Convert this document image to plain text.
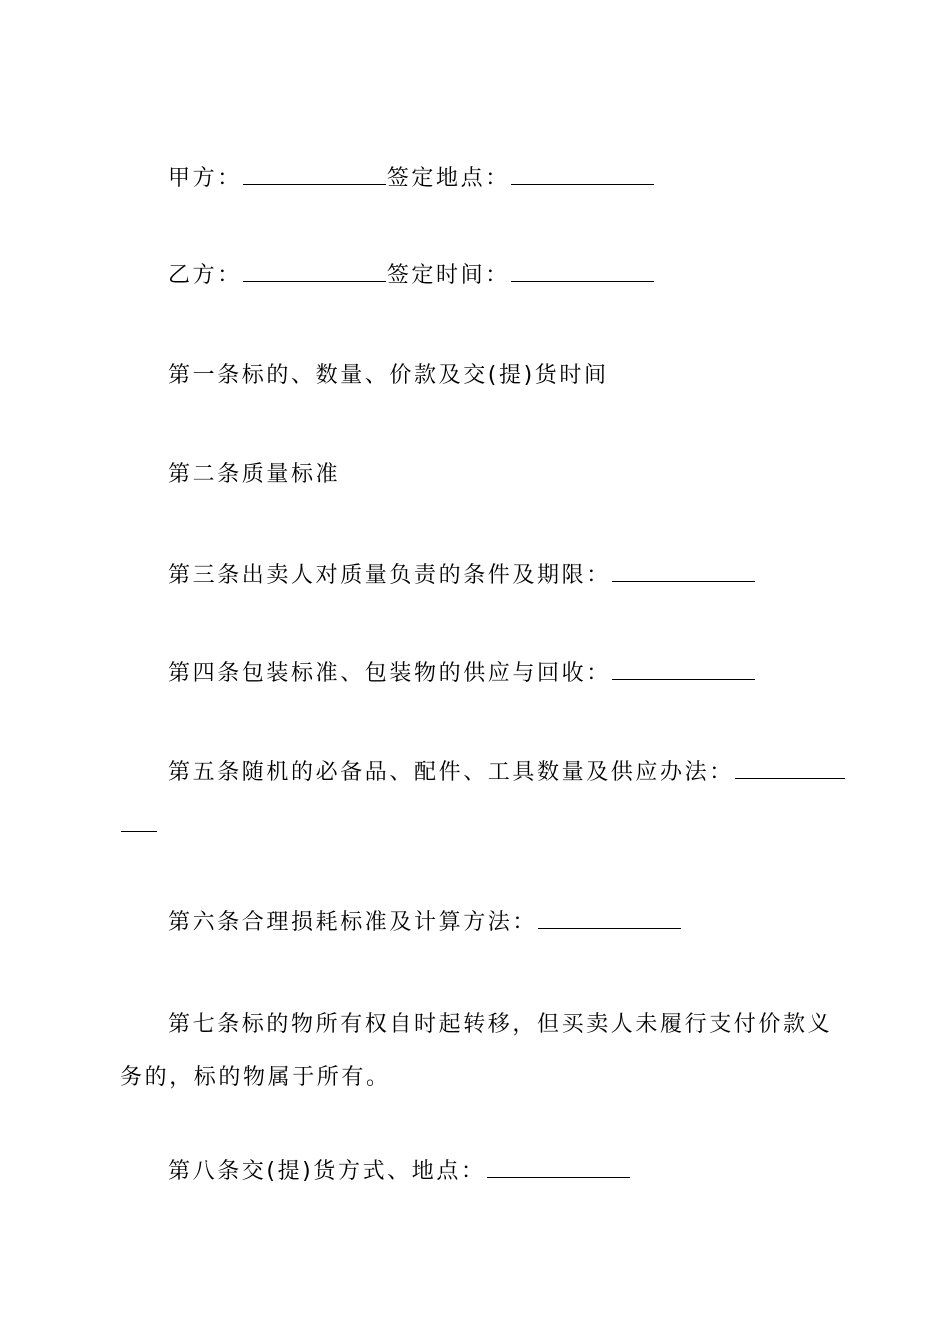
甲方：	签定地点：
乙方：	签定时间：
第一条标的、数量、价款及交(提)货时间
第二条质量标准
第三条出卖人对质量负责的条件及期限：
第四条包装标准、包装物的供应与回收：
第五条随机的必备品、配件、工具数量及供应办法：
第六条合理损耗标准及计算方法：
第七条标的物所有权自时起转移，但买卖人未履行支付价款义
务的，标的物属于所有。
第八条交(提)货方式、地点：
